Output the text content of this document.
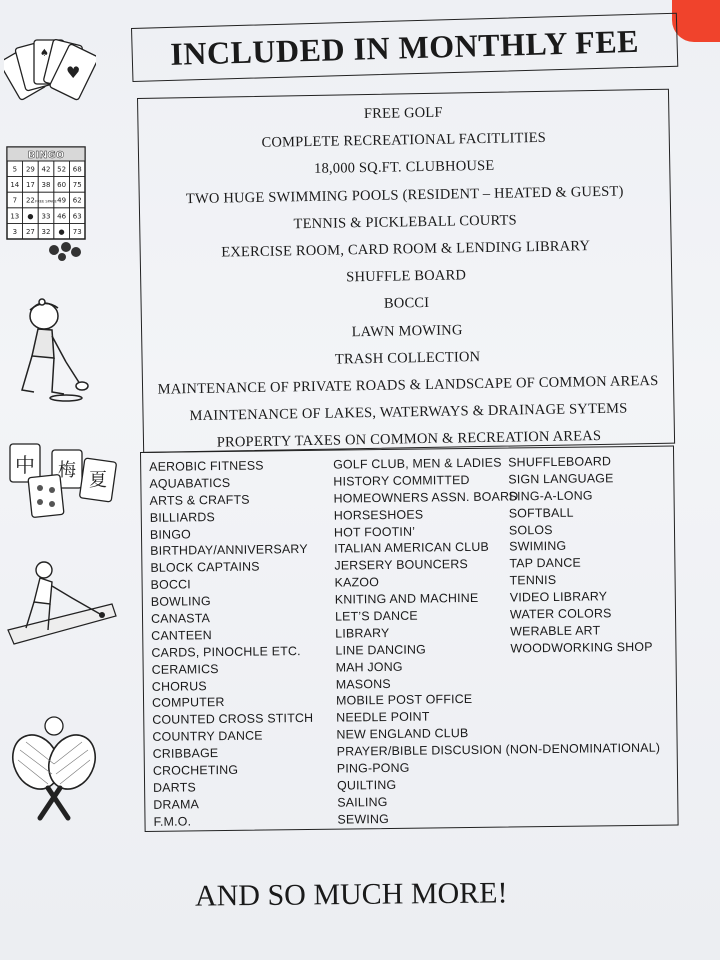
♥
♠
BINGO
5 29 42 52 68
14 17 38 60 75
7 22 FREE SPACE 49 62
13 ● 33 46 63
3 27 32 ● 73
中 梅 夏
INCLUDED IN MONTHLY FEE
FREE GOLF
COMPLETE RECREATIONAL FACITLITIES
18,000 SQ.FT. CLUBHOUSE
TWO HUGE SWIMMING POOLS (RESIDENT – HEATED & GUEST)
TENNIS & PICKLEBALL COURTS
EXERCISE ROOM, CARD ROOM & LENDING LIBRARY
SHUFFLE BOARD
BOCCI
LAWN MOWING
TRASH COLLECTION
MAINTENANCE OF PRIVATE ROADS & LANDSCAPE OF COMMON AREAS
MAINTENANCE OF LAKES, WATERWAYS & DRAINAGE SYTEMS
PROPERTY TAXES ON COMMON & RECREATION AREAS
AEROBIC FITNESS
AQUABATICS
ARTS & CRAFTS
BILLIARDS
BINGO
BIRTHDAY/ANNIVERSARY
BLOCK CAPTAINS
BOCCI
BOWLING
CANASTA
CANTEEN
CARDS, PINOCHLE ETC.
CERAMICS
CHORUS
COMPUTER
COUNTED CROSS STITCH
COUNTRY DANCE
CRIBBAGE
CROCHETING
DARTS
DRAMA
F.M.O.
GOLF CLUB, MEN & LADIES
HISTORY COMMITTED
HOMEOWNERS ASSN. BOARD
HORSESHOES
HOT FOOTIN’
ITALIAN AMERICAN CLUB
JERSERY BOUNCERS
KAZOO
KNITING AND MACHINE
LET’S DANCE
LIBRARY
LINE DANCING
MAH JONG
MASONS
MOBILE POST OFFICE
NEEDLE POINT
NEW ENGLAND CLUB
PRAYER/BIBLE DISCUSION (NON-DENOMINATIONAL)
PING-PONG
QUILTING
SAILING
SEWING
SHUFFLEBOARD
SIGN LANGUAGE
SING-A-LONG
SOFTBALL
SOLOS
SWIMING
TAP DANCE
TENNIS
VIDEO LIBRARY
WATER COLORS
WERABLE ART
WOODWORKING SHOP
AND SO MUCH MORE!
